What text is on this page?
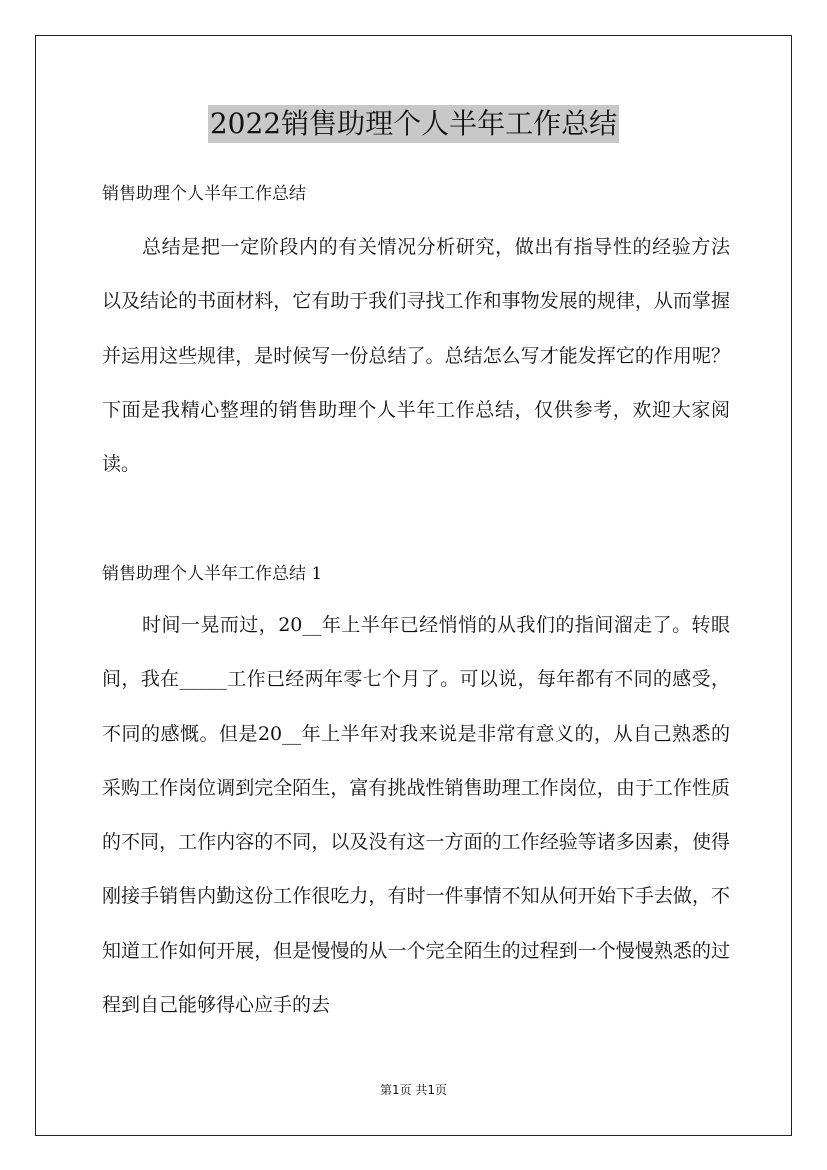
2022销售助理个人半年工作总结

销售助理个人半年工作总结

总结是把一定阶段内的有关情况分析研究，做出有指导性的经验方法以及结论的书面材料，它有助于我们寻找工作和事物发展的规律，从而掌握并运用这些规律，是时候写一份总结了。总结怎么写才能发挥它的作用呢？下面是我精心整理的销售助理个人半年工作总结，仅供参考，欢迎大家阅读。

销售助理个人半年工作总结 1

时间一晃而过，20__年上半年已经悄悄的从我们的指间溜走了。转眼间，我在_____工作已经两年零七个月了。可以说，每年都有不同的感受，不同的感慨。但是20__年上半年对我来说是非常有意义的，从自己熟悉的采购工作岗位调到完全陌生，富有挑战性销售助理工作岗位，由于工作性质的不同，工作内容的不同，以及没有这一方面的工作经验等诸多因素，使得刚接手销售内勤这份工作很吃力，有时一件事情不知从何开始下手去做，不知道工作如何开展，但是慢慢的从一个完全陌生的过程到一个慢慢熟悉的过程到自己能够得心应手的去

第1页 共1页
